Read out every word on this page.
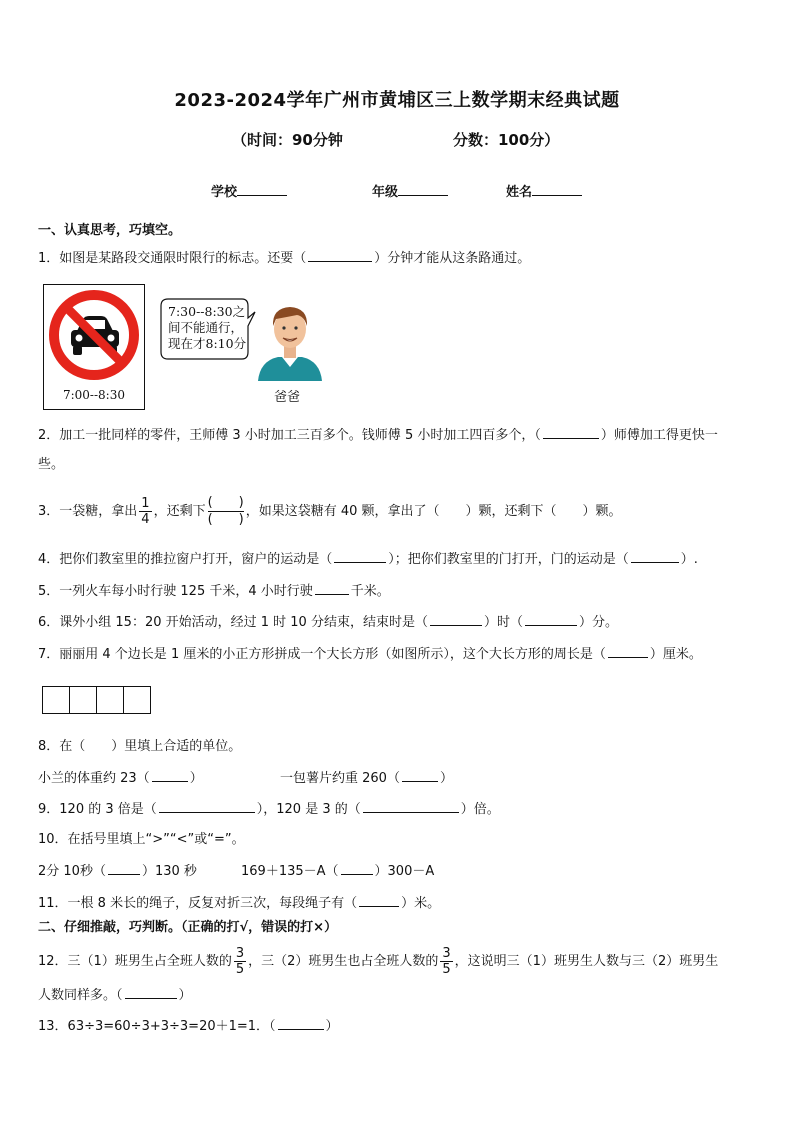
2023-2024学年广州市黄埔区三上数学期末经典试题
（时间：90分钟	分数：100分）
学校	年级	姓名
一、认真思考，巧填空。
1．如图是某路段交通限时限行的标志。还要（	）分钟才能从这条路通过。
7:00--8:30
7:30--8:30之
间不能通行，
现在才8:10分
爸爸
2．加工一批同样的零件，王师傅 3 小时加工三百多个。钱师傅 5 小时加工四百多个，（	）师傅加工得更快一
些。
3．一袋糖，拿出 $\frac{1}{4}$ ，还剩下
(　　)
(　　)
，如果这袋糖有 40 颗，拿出了（　　）颗，还剩下（　　）颗。
4．把你们教室里的推拉窗户打开，窗户的运动是（	）；把你们教室里的门打开，门的运动是（	）.
5．一列火车每小时行驶 125 千米，4 小时行驶	千米。
6．课外小组 15：20 开始活动，经过 1 时 10 分结束，结束时是（	）时（	）分。
7．丽丽用 4 个边长是 1 厘米的小正方形拼成一个大长方形（如图所示），这个大长方形的周长是（	）厘米。
8．在（　　）里填上合适的单位。
小兰的体重约 23（	）	一包薯片约重 260（	）
9．120 的 3 倍是（	），120 是 3 的（	）倍。
10．在括号里填上“>”“<”或“=”。
2分 10秒（	）130 秒	169＋135－A（	）300－A
11．一根 8 米长的绳子，反复对折三次，每段绳子有（	）米。
二、仔细推敲，巧判断。（正确的打√，错误的打×）
12．三（1）班男生占全班人数的 $\frac{3}{5}$ ，三（2）班男生也占全班人数的 $\frac{3}{5}$ ，这说明三（1）班男生人数与三（2）班男生
人数同样多。（	）
13．63÷3=60÷3+3÷3=20＋1=1．（	）
